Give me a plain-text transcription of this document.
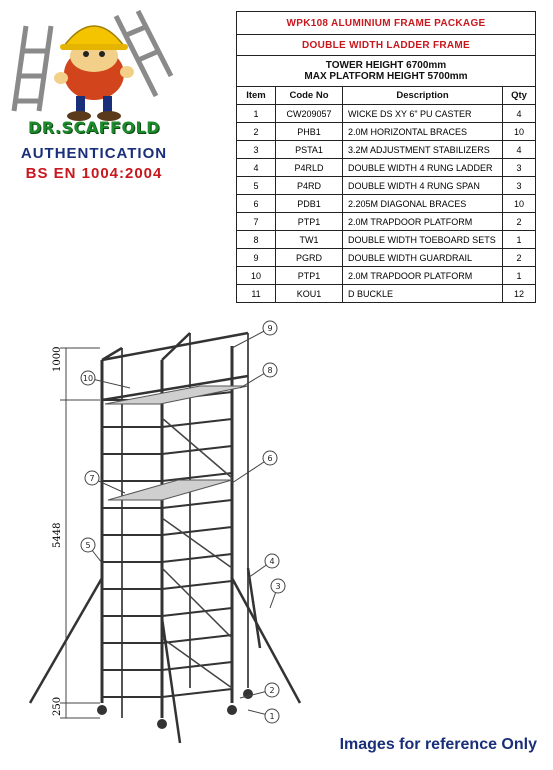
DR.SCAFFOLD
AUTHENTICATION
BS EN 1004:2004
WPK108 ALUMINIUM FRAME PACKAGE			
DOUBLE WIDTH LADDER FRAME			
TOWER HEIGHT 6700mm
MAX PLATFORM HEIGHT 5700mm			
Item	Code No	Description	Qty
1	CW209057	WICKE DS XY 6" PU CASTER	4
2	PHB1	2.0M HORIZONTAL BRACES	10
3	PSTA1	3.2M ADJUSTMENT STABILIZERS	4
4	P4RLD	DOUBLE WIDTH 4 RUNG LADDER	3
5	P4RD	DOUBLE WIDTH 4 RUNG SPAN	3
6	PDB1	2.205M DIAGONAL BRACES	10
7	PTP1	2.0M TRAPDOOR PLATFORM	2
8	TW1	DOUBLE WIDTH TOEBOARD SETS	1
9	PGRD	DOUBLE WIDTH GUARDRAIL	2
10	PTP1	2.0M TRAPDOOR PLATFORM	1
11	KOU1	D BUCKLE	12
1
2
3
4
5
6
7
8
9
10
Images for reference Only
1000
5448
250
